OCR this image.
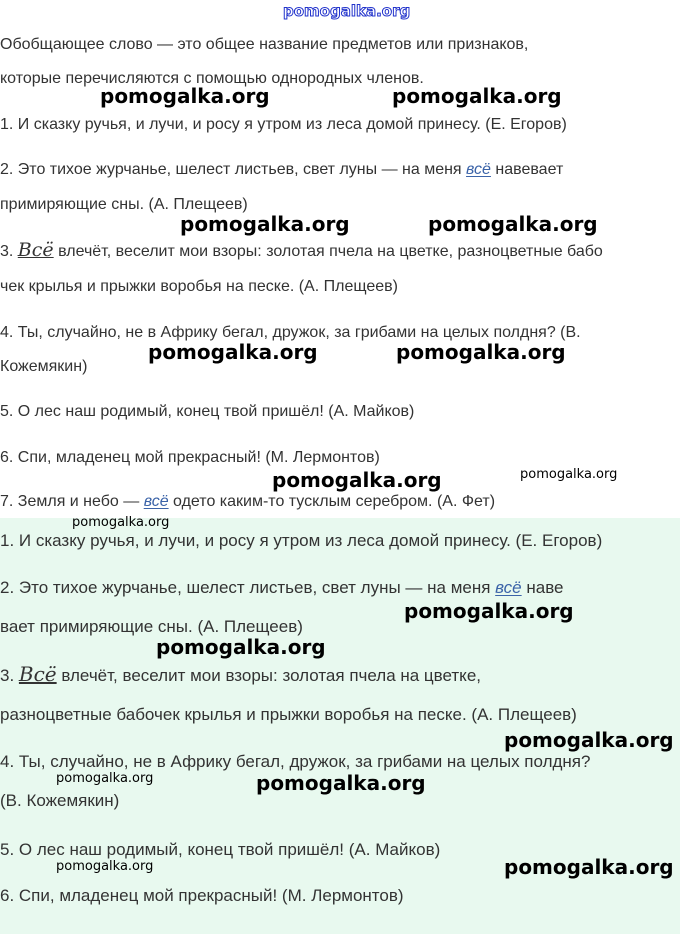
pomogalka.org
Обобщающее слово — это общее название предметов или признаков,
которые перечисляются с помощью однородных членов.
1. И сказку ручья, и лучи, и росу я утром из леса домой принесу. (Е. Егоров)
2. Это тихое журчанье, шелест листьев, свет луны — на меня всё навевает
примиряющие сны. (А. Плещеев)
3. Всё влечёт, веселит мои взоры: золотая пчела на цветке, разноцветные бабо
чек крылья и прыжки воробья на песке. (А. Плещеев)
4. Ты, случайно, не в Африку бегал, дружок, за грибами на целых полдня? (В.
Кожемякин)
5. О лес наш родимый, конец твой пришёл! (А. Майков)
6. Спи, младенец мой прекрасный! (М. Лермонтов)
7. Земля и небо — всё одето каким-то тусклым серебром. (А. Фет)
1. И сказку ручья, и лучи, и росу я утром из леса домой принесу. (Е. Егоров)
2. Это тихое журчанье, шелест листьев, свет луны — на меня всё наве
вает примиряющие сны. (А. Плещеев)
3. Всё влечёт, веселит мои взоры: золотая пчела на цветке,
разноцветные бабочек крылья и прыжки воробья на песке. (А. Плещеев)
4. Ты, случайно, не в Африку бегал, дружок, за грибами на целых полдня?
(В. Кожемякин)
5. О лес наш родимый, конец твой пришёл! (А. Майков)
6. Спи, младенец мой прекрасный! (М. Лермонтов)
pomogalka.org	pomogalka.org
pomogalka.org	pomogalka.org
pomogalka.org	pomogalka.org
pomogalka.org	pomogalka.org
pomogalka.org
pomogalka.org
pomogalka.org
pomogalka.org
pomogalka.org	pomogalka.org
pomogalka.org	pomogalka.org
